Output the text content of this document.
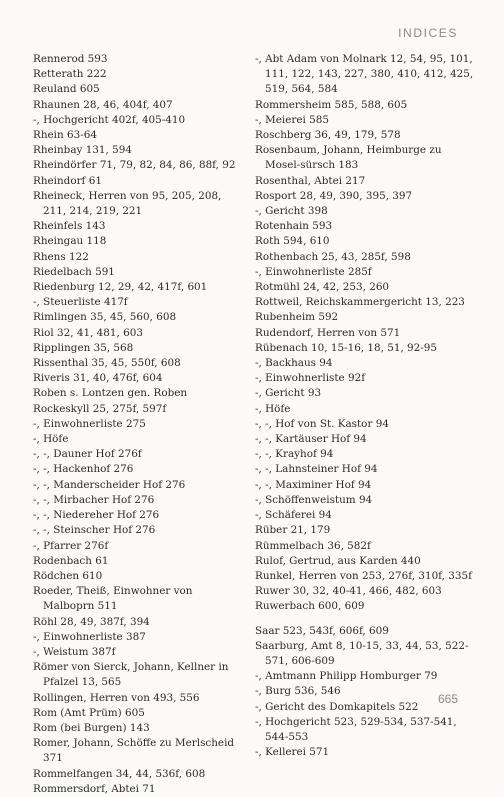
INDICES
Rennerod 593
Retterath 222
Reuland 605
Rhaunen 28, 46, 404f, 407
-, Hochgericht 402f, 405-410
Rhein 63-64
Rheinbay 131, 594
Rheindörfer 71, 79, 82, 84, 86, 88f, 92
Rheindorf 61
Rheineck, Herren von 95, 205, 208, 211, 214, 219, 221
Rheinfels 143
Rheingau 118
Rhens 122
Riedelbach 591
Riedenburg 12, 29, 42, 417f, 601
-, Steuerliste 417f
Rimlingen 35, 45, 560, 608
Riol 32, 41, 481, 603
Ripplingen 35, 568
Rissenthal 35, 45, 550f, 608
Riveris 31, 40, 476f, 604
Roben s. Lontzen gen. Roben
Rockeskyll 25, 275f, 597f
-, Einwohnerliste 275
-, Höfe
-, -, Dauner Hof 276f
-, -, Hackenhof 276
-, -, Manderscheider Hof 276
-, -, Mirbacher Hof 276
-, -, Niedereher Hof 276
-, -, Steinscher Hof 276
-, Pfarrer 276f
Rodenbach 61
Rödchen 610
Roeder, Theiß, Einwohner von Malboprn 511
Röhl 28, 49, 387f, 394
-, Einwohnerliste 387
-, Weistum 387f
Römer von Sierck, Johann, Kellner in Pfalzel 13, 565
Rollingen, Herren von 493, 556
Rom (Amt Prüm) 605
Rom (bei Burgen) 143
Romer, Johann, Schöffe zu Merlscheid 371
Rommelfangen 34, 44, 536f, 608
Rommersdorf, Abtei 71
-, Abt Adam von Molnark 12, 54, 95, 101, 111, 122, 143, 227, 380, 410, 412, 425, 519, 564, 584
Rommersheim 585, 588, 605
-, Meierei 585
Roschberg 36, 49, 179, 578
Rosenbaum, Johann, Heimburge zu Mosel-sürsch 183
Rosenthal, Abtei 217
Rosport 28, 49, 390, 395, 397
-, Gericht 398
Rotenhain 593
Roth 594, 610
Rothenbach 25, 43, 285f, 598
-, Einwohnerliste 285f
Rotmühl 24, 42, 253, 260
Rottweil, Reichskammergericht 13, 223
Rubenheim 592
Rudendorf, Herren von 571
Rübenach 10, 15-16, 18, 51, 92-95
-, Backhaus 94
-, Einwohnerliste 92f
-, Gericht 93
-, Höfe
-, -, Hof von St. Kastor 94
-, -, Kartäuser Hof 94
-, -, Krayhof 94
-, -, Lahnsteiner Hof 94
-, -, Maximiner Hof 94
-, Schöffenweistum 94
-, Schäferei 94
Rüber 21, 179
Rümmelbach 36, 582f
Rulof, Gertrud, aus Karden 440
Runkel, Herren von 253, 276f, 310f, 335f
Ruwer 30, 32, 40-41, 466, 482, 603
Ruwerbach 600, 609
Saar 523, 543f, 606f, 609
Saarburg, Amt 8, 10-15, 33, 44, 53, 522-571, 606-609
-, Amtmann Philipp Homburger 79
-, Burg 536, 546
-, Gericht des Domkapitels 522
-, Hochgericht 523, 529-534, 537-541, 544-553
-, Kellerei 571
665
